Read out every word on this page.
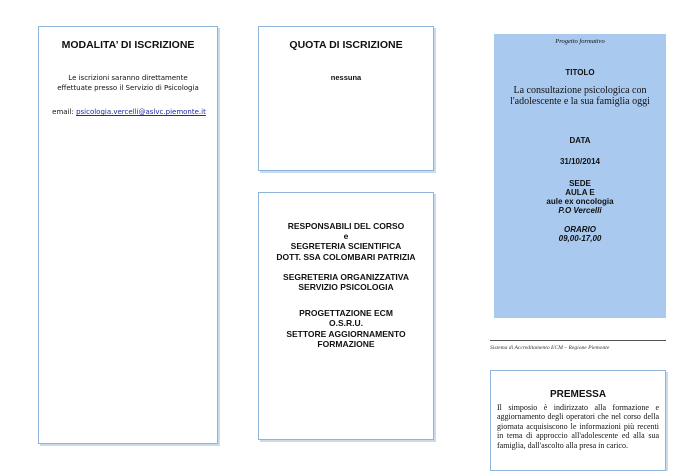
MODALITA’ DI ISCRIZIONE
Le iscrizioni saranno direttamente
effettuate presso il Servizio di Psicologia
email: psicologia.vercelli@aslvc.piemonte.it
QUOTA DI ISCRIZIONE
nessuna
RESPONSABILI DEL CORSO
e
SEGRETERIA SCIENTIFICA
DOTT. SSA COLOMBARI PATRIZIA
SEGRETERIA ORGANIZZATIVA
SERVIZIO PSICOLOGIA
PROGETTAZIONE ECM
O.S.R.U.
SETTORE AGGIORNAMENTO
FORMAZIONE
Progetto formativo
TITOLO
La consultazione psicologica con l'adolescente e la sua famiglia oggi
DATA
31/10/2014
SEDE
AULA E
aule ex oncologia
P.O Vercelli
ORARIO
09,00-17,00
Sistema di Accreditamento ECM – Regione Piemonte
PREMESSA
Il simposio è indirizzato alla formazione e aggiornamento degli operatori che nel corso della giornata acquisiscono le informazioni più recenti in tema di approccio all'adolescente ed alla sua famiglia, dall'ascolto alla presa in carico.
